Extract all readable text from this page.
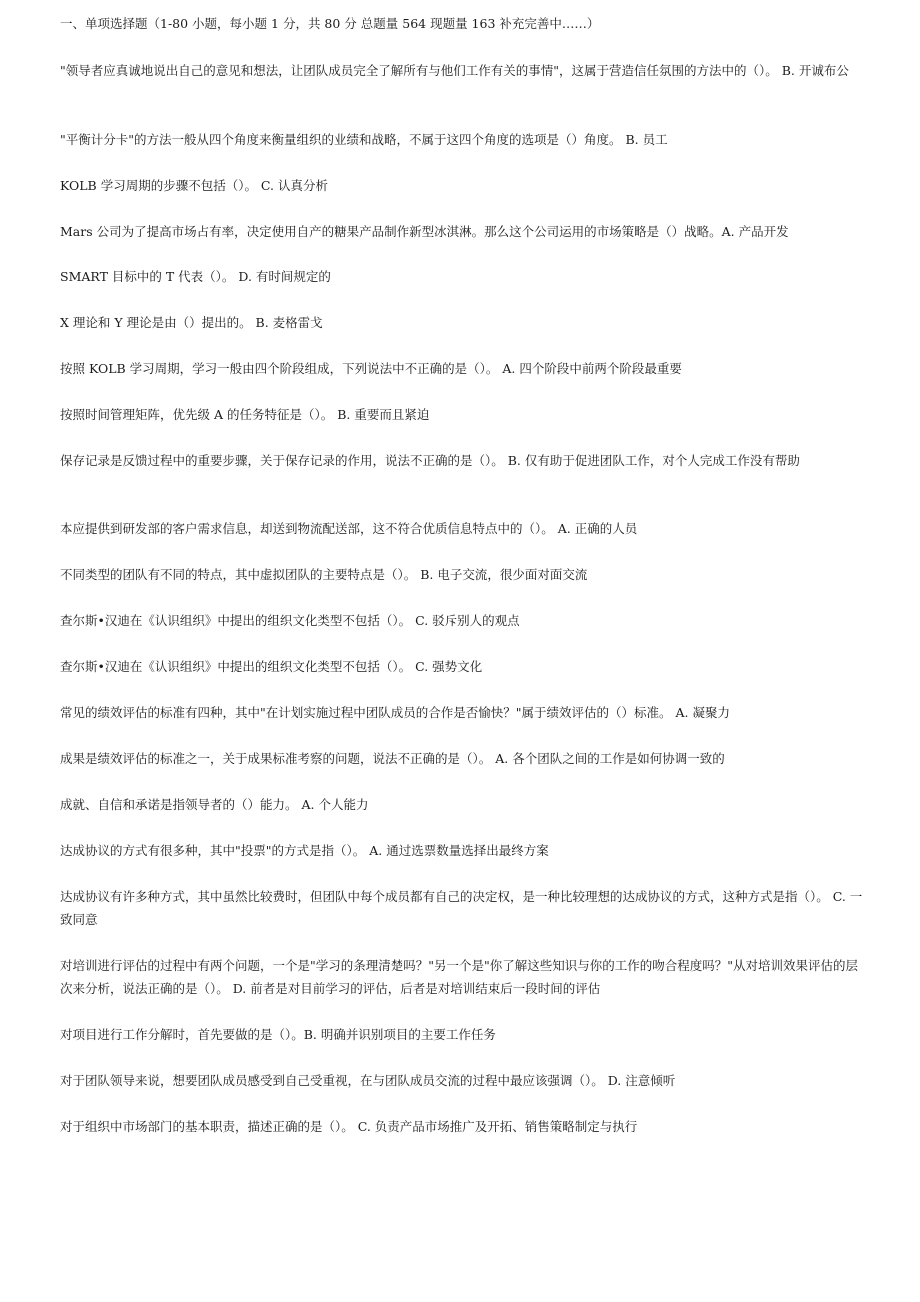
一、单项选择题（1-80 小题，每小题 1 分，共 80 分 总题量 564 现题量 163 补充完善中……）
"领导者应真诚地说出自己的意见和想法，让团队成员完全了解所有与他们工作有关的事情"，这属于营造信任氛围的方法中的（）。 B. 开诚布公
"平衡计分卡"的方法一般从四个角度来衡量组织的业绩和战略，不属于这四个角度的选项是（）角度。 B. 员工
KOLB 学习周期的步骤不包括（）。 C. 认真分析
Mars 公司为了提高市场占有率，决定使用自产的糖果产品制作新型冰淇淋。那么这个公司运用的市场策略是（）战略。A. 产品开发
SMART 目标中的 T 代表（）。 D. 有时间规定的
X 理论和 Y 理论是由（）提出的。 B. 麦格雷戈
按照 KOLB 学习周期，学习一般由四个阶段组成，下列说法中不正确的是（）。 A. 四个阶段中前两个阶段最重要
按照时间管理矩阵，优先级 A 的任务特征是（）。 B. 重要而且紧迫
保存记录是反馈过程中的重要步骤，关于保存记录的作用，说法不正确的是（）。 B. 仅有助于促进团队工作，对个人完成工作没有帮助
本应提供到研发部的客户需求信息，却送到物流配送部，这不符合优质信息特点中的（）。 A. 正确的人员
不同类型的团队有不同的特点，其中虚拟团队的主要特点是（）。 B. 电子交流，很少面对面交流
查尔斯•汉迪在《认识组织》中提出的组织文化类型不包括（）。 C. 驳斥别人的观点
查尔斯•汉迪在《认识组织》中提出的组织文化类型不包括（）。 C. 强势文化
常见的绩效评估的标准有四种，其中"在计划实施过程中团队成员的合作是否愉快？"属于绩效评估的（）标准。 A. 凝聚力
成果是绩效评估的标准之一，关于成果标准考察的问题，说法不正确的是（）。 A. 各个团队之间的工作是如何协调一致的
成就、自信和承诺是指领导者的（）能力。 A. 个人能力
达成协议的方式有很多种，其中"投票"的方式是指（）。 A. 通过选票数量选择出最终方案
达成协议有许多种方式，其中虽然比较费时，但团队中每个成员都有自己的决定权，是一种比较理想的达成协议的方式，这种方式是指（）。 C. 一致同意
对培训进行评估的过程中有两个问题，一个是"学习的条理清楚吗？"另一个是"你了解这些知识与你的工作的吻合程度吗？"从对培训效果评估的层次来分析，说法正确的是（）。 D. 前者是对目前学习的评估，后者是对培训结束后一段时间的评估
对项目进行工作分解时，首先要做的是（）。B. 明确并识别项目的主要工作任务
对于团队领导来说，想要团队成员感受到自己受重视，在与团队成员交流的过程中最应该强调（）。 D. 注意倾听
对于组织中市场部门的基本职责，描述正确的是（）。 C. 负责产品市场推广及开拓、销售策略制定与执行
